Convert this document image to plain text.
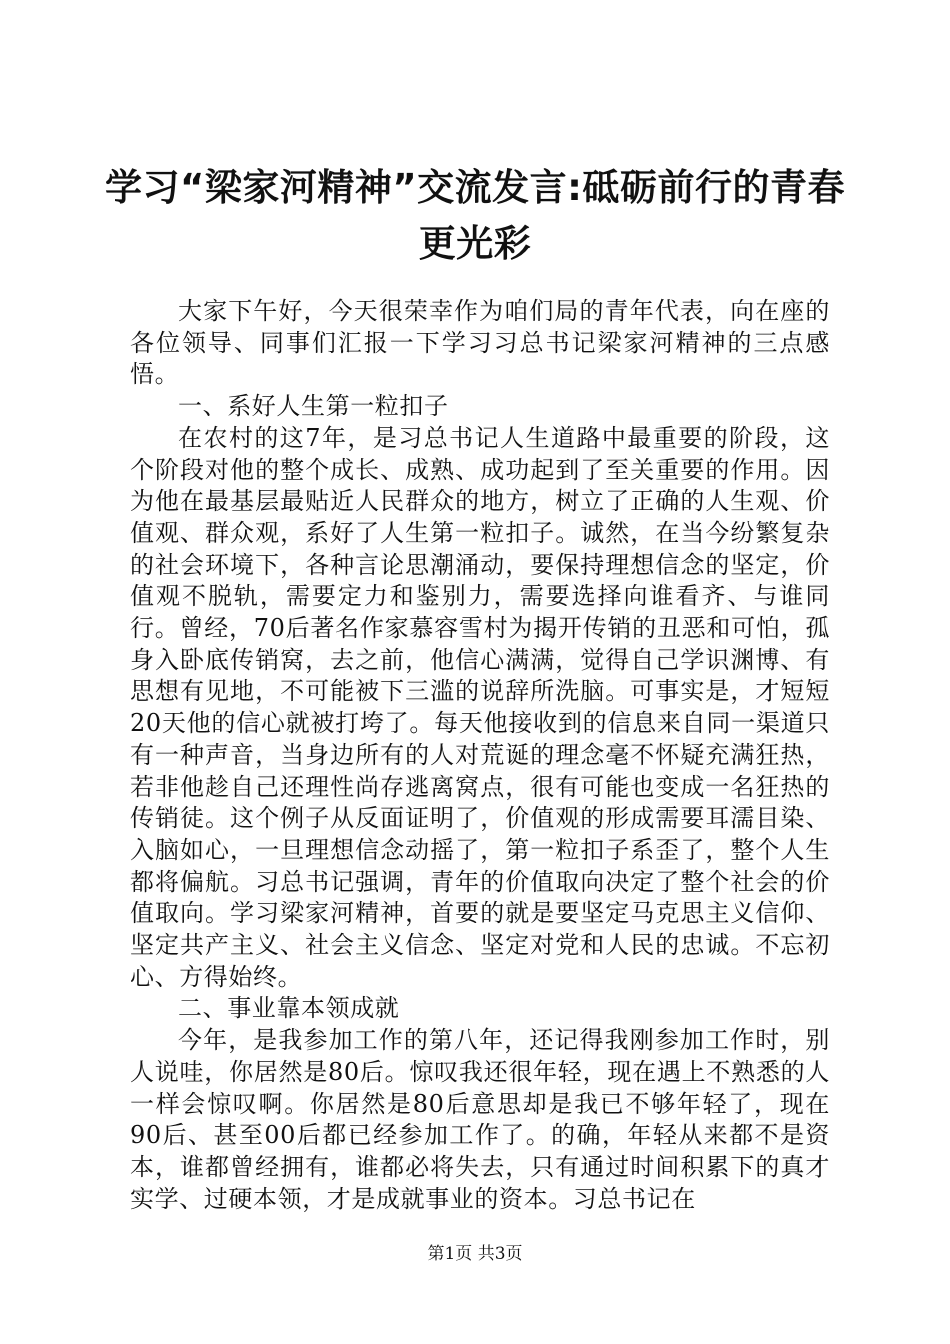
学习“梁家河精神”交流发言:砥砺前行的青春更光彩

大家下午好，今天很荣幸作为咱们局的青年代表，向在座的各位领导、同事们汇报一下学习习总书记梁家河精神的三点感悟。

一、系好人生第一粒扣子

在农村的这7年，是习总书记人生道路中最重要的阶段，这个阶段对他的整个成长、成熟、成功起到了至关重要的作用。因为他在最基层最贴近人民群众的地方，树立了正确的人生观、价值观、群众观，系好了人生第一粒扣子。诚然，在当今纷繁复杂的社会环境下，各种言论思潮涌动，要保持理想信念的坚定，价值观不脱轨，需要定力和鉴别力，需要选择向谁看齐、与谁同行。曾经，70后著名作家慕容雪村为揭开传销的丑恶和可怕，孤身入卧底传销窝，去之前，他信心满满，觉得自己学识渊博、有思想有见地，不可能被下三滥的说辞所洗脑。可事实是，才短短20天他的信心就被打垮了。每天他接收到的信息来自同一渠道只有一种声音，当身边所有的人对荒诞的理念毫不怀疑充满狂热，若非他趁自己还理性尚存逃离窝点，很有可能也变成一名狂热的传销徒。这个例子从反面证明了，价值观的形成需要耳濡目染、入脑如心，一旦理想信念动摇了，第一粒扣子系歪了，整个人生都将偏航。习总书记强调，青年的价值取向决定了整个社会的价值取向。学习梁家河精神，首要的就是要坚定马克思主义信仰、坚定共产主义、社会主义信念、坚定对党和人民的忠诚。不忘初心、方得始终。

二、事业靠本领成就

今年，是我参加工作的第八年，还记得我刚参加工作时，别人说哇，你居然是80后。惊叹我还很年轻，现在遇上不熟悉的人一样会惊叹啊。你居然是80后意思却是我已不够年轻了，现在90后、甚至00后都已经参加工作了。的确，年轻从来都不是资本，谁都曾经拥有，谁都必将失去，只有通过时间积累下的真才实学、过硬本领，才是成就事业的资本。习总书记在

第1页 共3页
